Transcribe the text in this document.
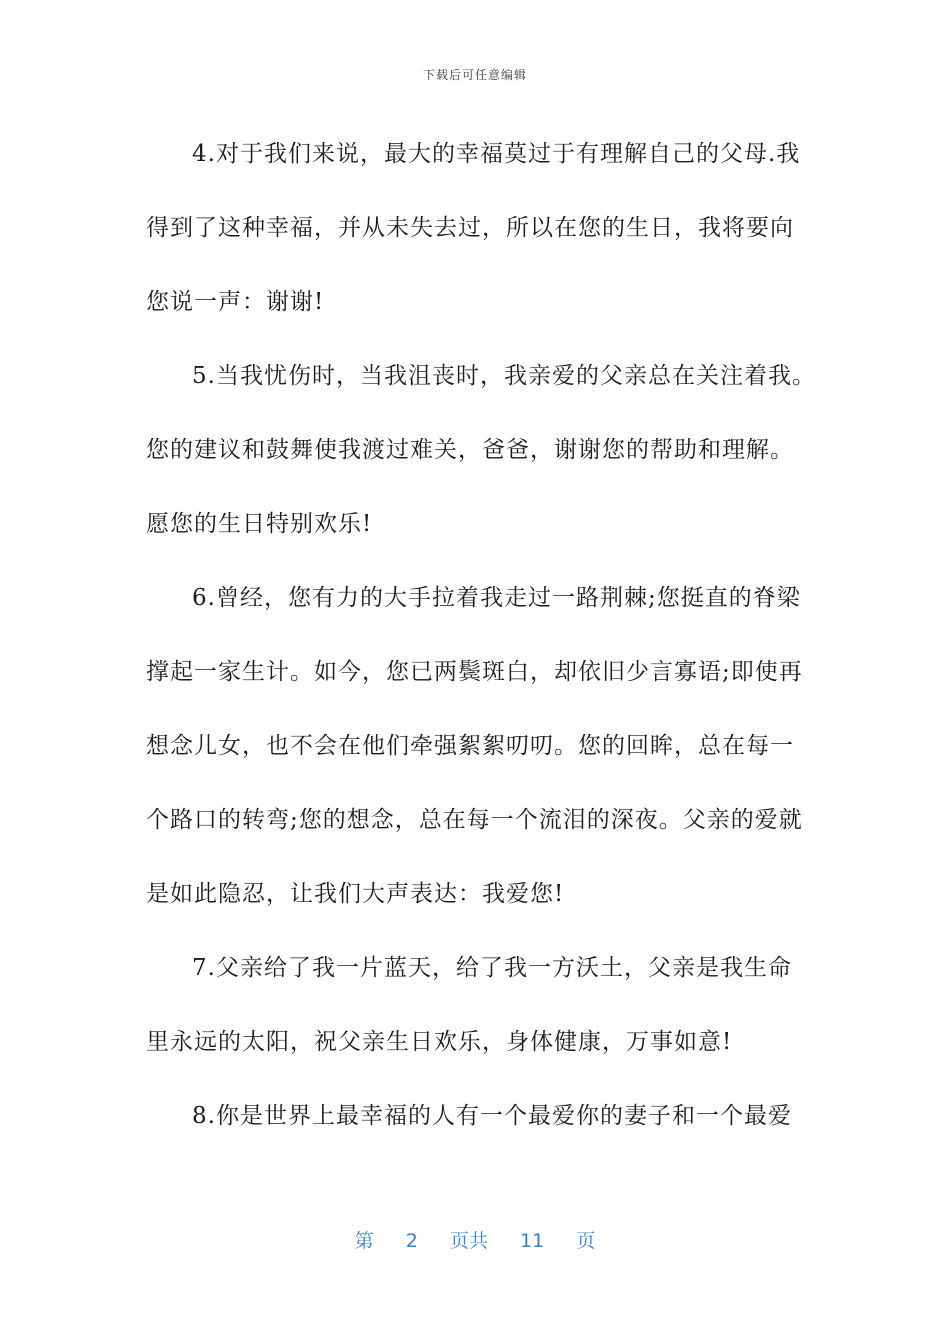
下载后可任意编辑

4.对于我们来说，最大的幸福莫过于有理解自己的父母.我

得到了这种幸福，并从未失去过，所以在您的生日，我将要向

您说一声：谢谢!

5.当我忧伤时，当我沮丧时，我亲爱的父亲总在关注着我。

您的建议和鼓舞使我渡过难关，爸爸，谢谢您的帮助和理解。

愿您的生日特别欢乐!

6.曾经，您有力的大手拉着我走过一路荆棘;您挺直的脊梁

撑起一家生计。如今，您已两鬓斑白，却依旧少言寡语;即使再

想念儿女，也不会在他们牵强絮絮叨叨。您的回眸，总在每一

个路口的转弯;您的想念，总在每一个流泪的深夜。父亲的爱就

是如此隐忍，让我们大声表达：我爱您!

7.父亲给了我一片蓝天，给了我一方沃土，父亲是我生命

里永远的太阳，祝父亲生日欢乐，身体健康，万事如意!

8.你是世界上最幸福的人有一个最爱你的妻子和一个最爱

第 2 页共 11 页
